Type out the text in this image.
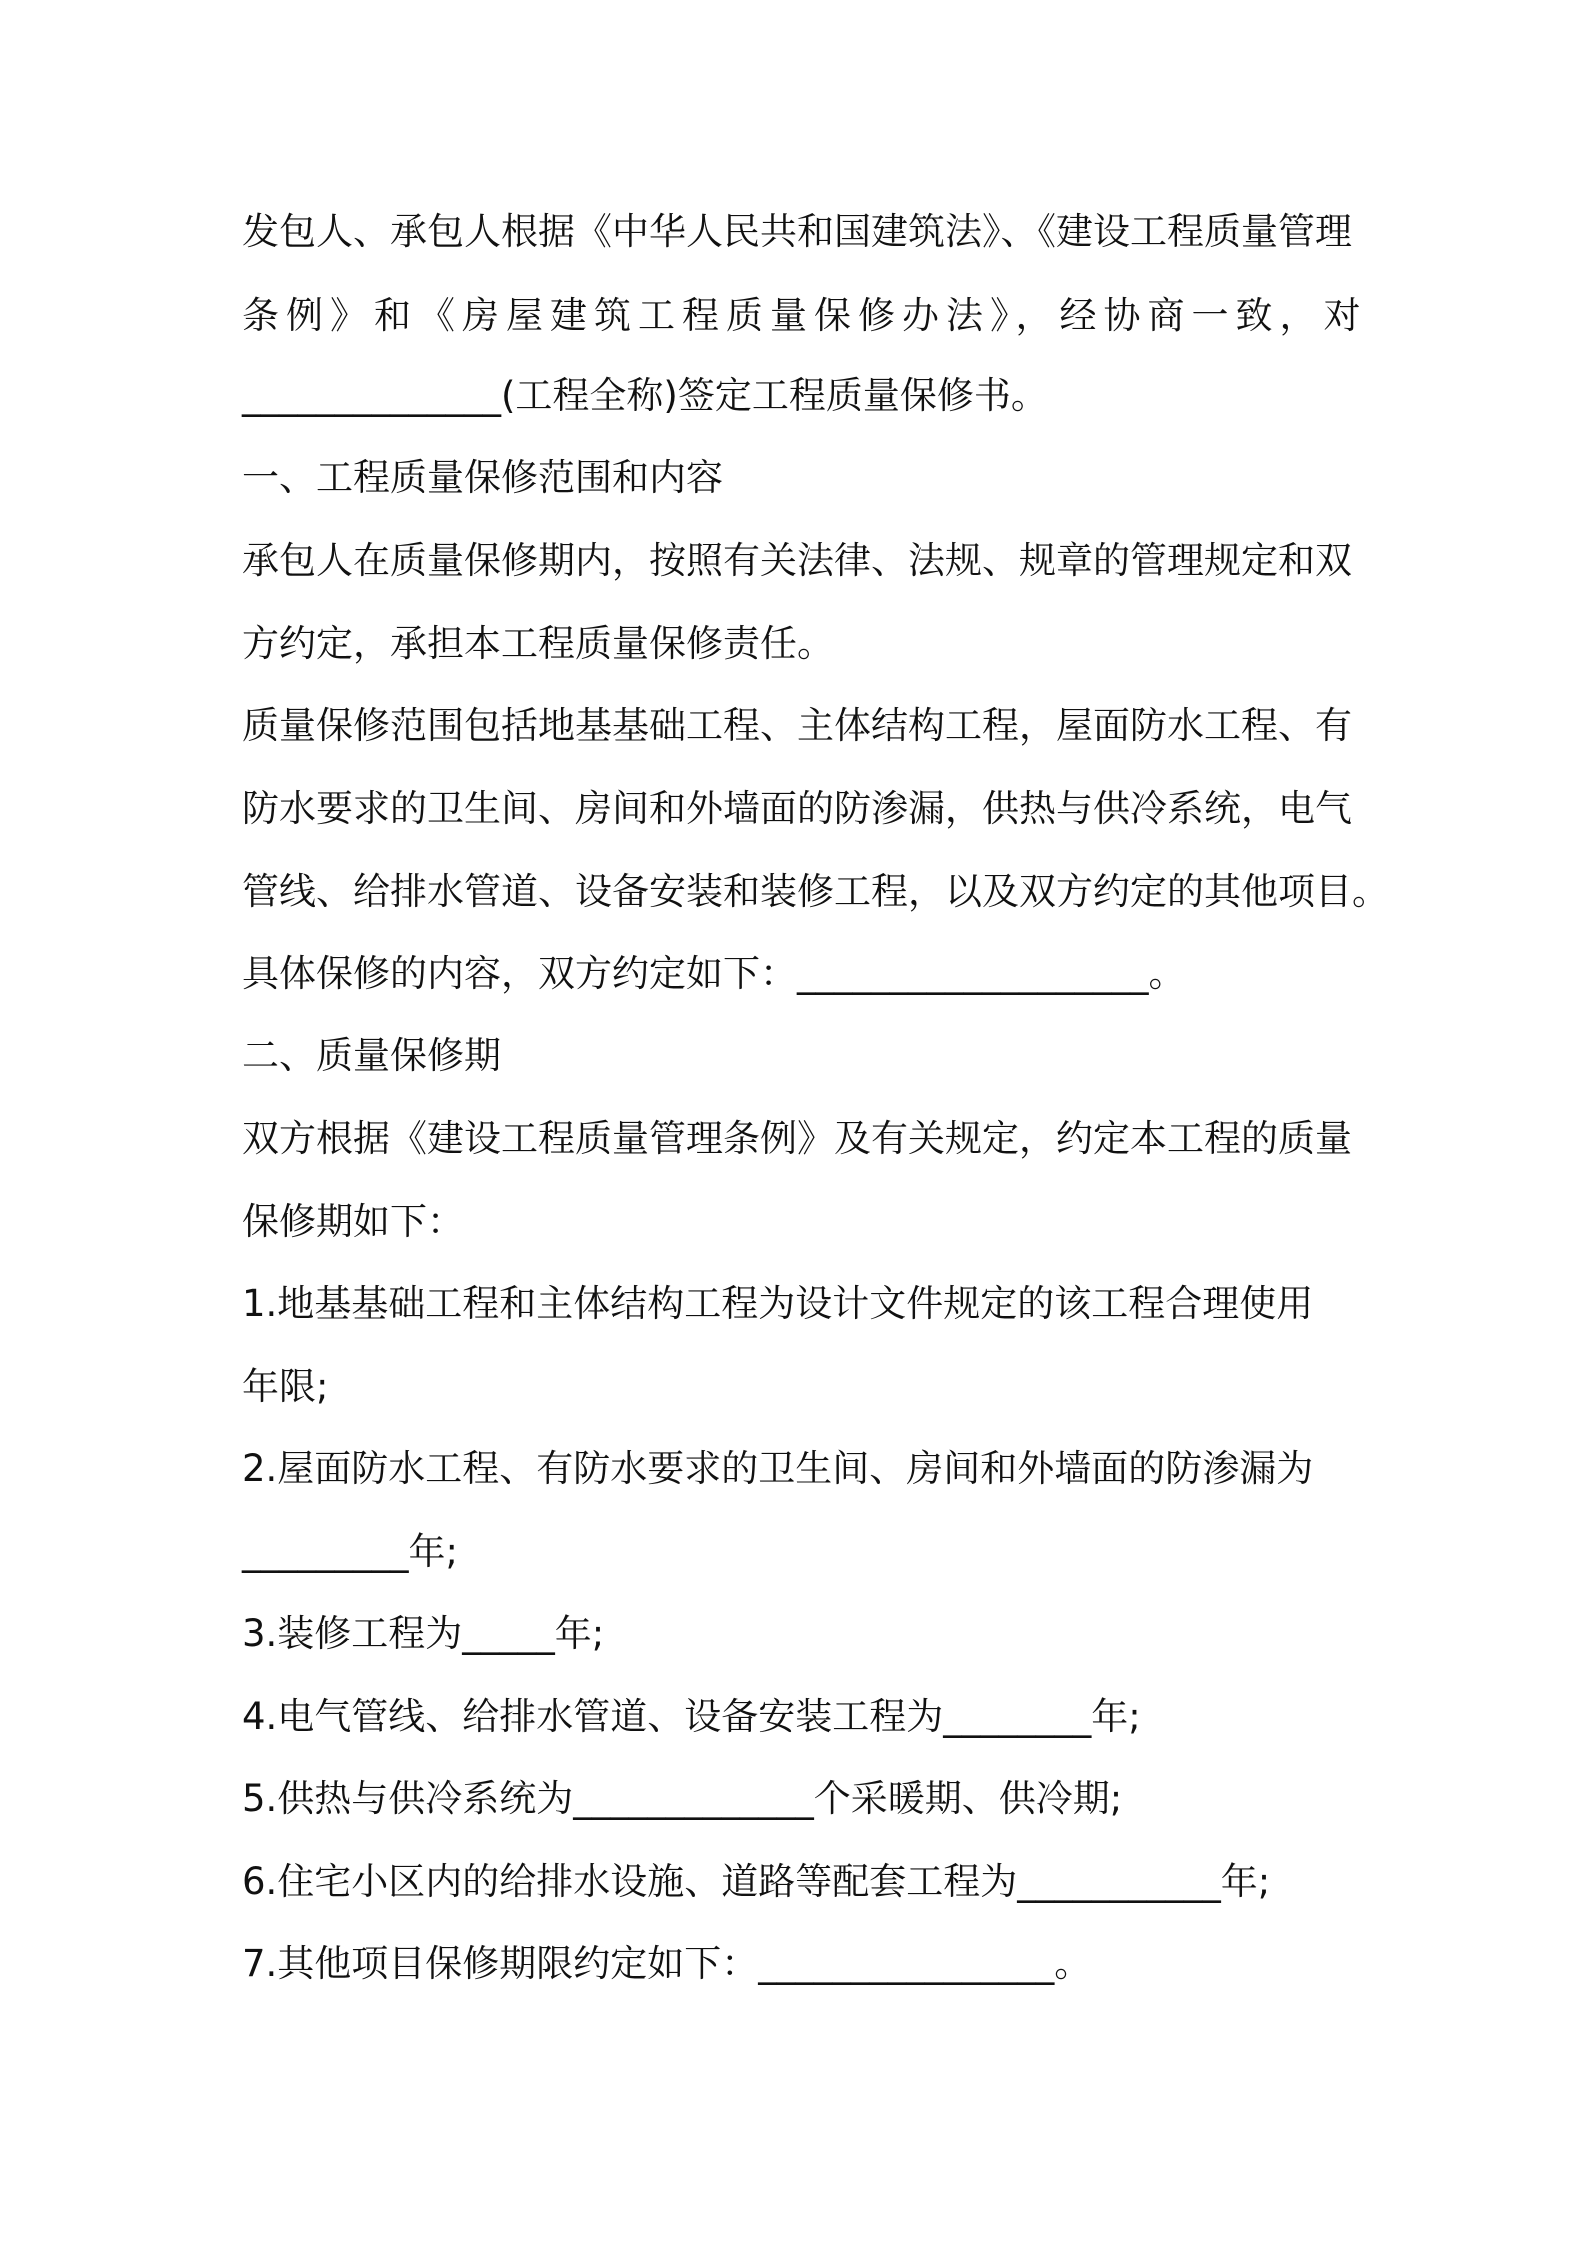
发包人、承包人根据《中华人民共和国建筑法》、《建设工程质量管理
条例》和《房屋建筑工程质量保修办法》，经协商一致，对
______________(工程全称)签定工程质量保修书。
一、工程质量保修范围和内容
承包人在质量保修期内，按照有关法律、法规、规章的管理规定和双
方约定，承担本工程质量保修责任。
质量保修范围包括地基基础工程、主体结构工程，屋面防水工程、有
防水要求的卫生间、房间和外墙面的防渗漏，供热与供冷系统，电气
管线、给排水管道、设备安装和装修工程，以及双方约定的其他项目。
具体保修的内容，双方约定如下：___________________。
二、质量保修期
双方根据《建设工程质量管理条例》及有关规定，约定本工程的质量
保修期如下：
1.地基基础工程和主体结构工程为设计文件规定的该工程合理使用
年限;
2.屋面防水工程、有防水要求的卫生间、房间和外墙面的防渗漏为
_________年;
3.装修工程为_____年;
4.电气管线、给排水管道、设备安装工程为________年;
5.供热与供冷系统为_____________个采暖期、供冷期;
6.住宅小区内的给排水设施、道路等配套工程为___________年;
7.其他项目保修期限约定如下：________________。
